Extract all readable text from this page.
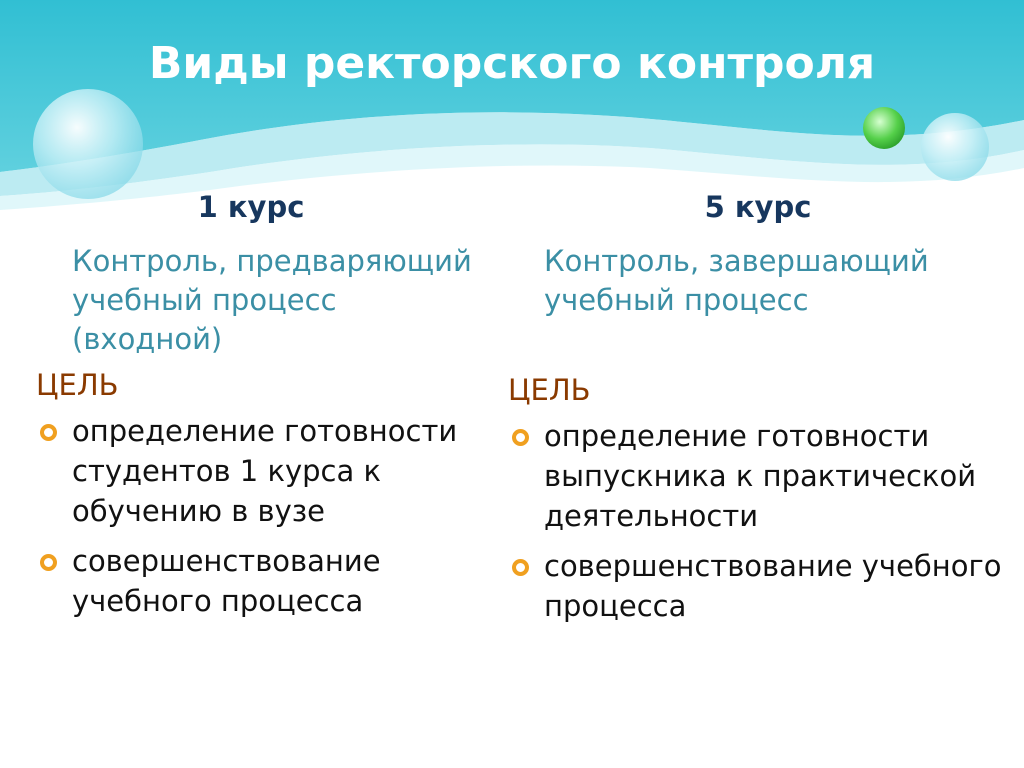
Виды ректорского контроля
1 курс
Контроль, предваряющий учебный процесс (входной)
ЦЕЛЬ
определение готовности студентов 1 курса к обучению в вузе
совершенствование учебного процесса
5 курс
Контроль, завершающий учебный процесс
ЦЕЛЬ
определение готовности выпускника к практической деятельности
совершенствование учебного процесса
